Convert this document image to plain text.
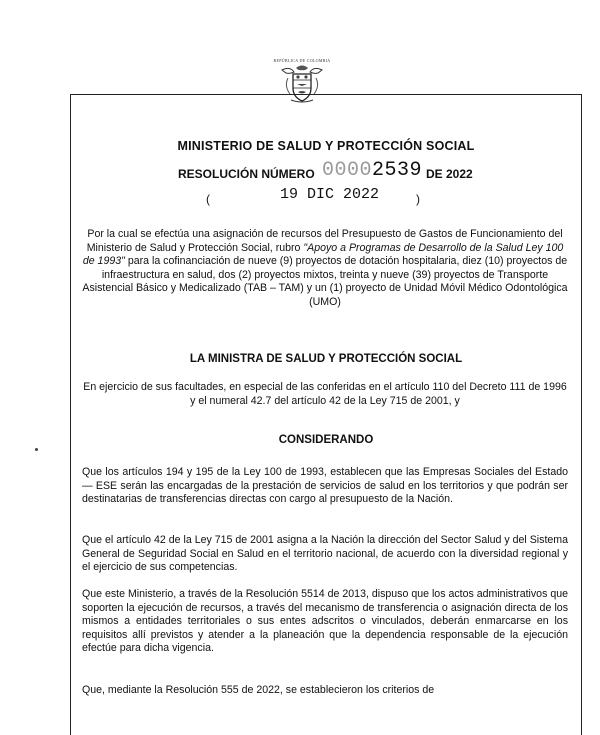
REPÚBLICA DE COLOMBIA
MINISTERIO DE SALUD Y PROTECCIÓN SOCIAL
RESOLUCIÓN NÚMERO 00002539 DE 2022
(	19 DIC 2022	)
Por la cual se efectúa una asignación de recursos del Presupuesto de Gastos de Funcionamiento del Ministerio de Salud y Protección Social, rubro "Apoyo a Programas de Desarrollo de la Salud Ley 100 de 1993" para la cofinanciación de nueve (9) proyectos de dotación hospitalaria, diez (10) proyectos de infraestructura en salud, dos (2) proyectos mixtos, treinta y nueve (39) proyectos de Transporte Asistencial Básico y Medicalizado (TAB – TAM) y un (1) proyecto de Unidad Móvil Médico Odontológica (UMO)
LA MINISTRA DE SALUD Y PROTECCIÓN SOCIAL
En ejercicio de sus facultades, en especial de las conferidas en el artículo 110 del Decreto 111 de 1996 y el numeral 42.7 del artículo 42 de la Ley 715 de 2001, y
CONSIDERANDO
Que los artículos 194 y 195 de la Ley 100 de 1993, establecen que las Empresas Sociales del Estado — ESE serán las encargadas de la prestación de servicios de salud en los territorios y que podrán ser destinatarias de transferencias directas con cargo al presupuesto de la Nación.
Que el artículo 42 de la Ley 715 de 2001 asigna a la Nación la dirección del Sector Salud y del Sistema General de Seguridad Social en Salud en el territorio nacional, de acuerdo con la diversidad regional y el ejercicio de sus competencias.
Que este Ministerio, a través de la Resolución 5514 de 2013, dispuso que los actos administrativos que soporten la ejecución de recursos, a través del mecanismo de transferencia o asignación directa de los mismos a entidades territoriales o sus entes adscritos o vinculados, deberán enmarcarse en los requisitos allí previstos y atender a la planeación que la dependencia responsable de la ejecución efectúe para dicha vigencia.
Que, mediante la Resolución 555 de 2022, se establecieron los criterios de
